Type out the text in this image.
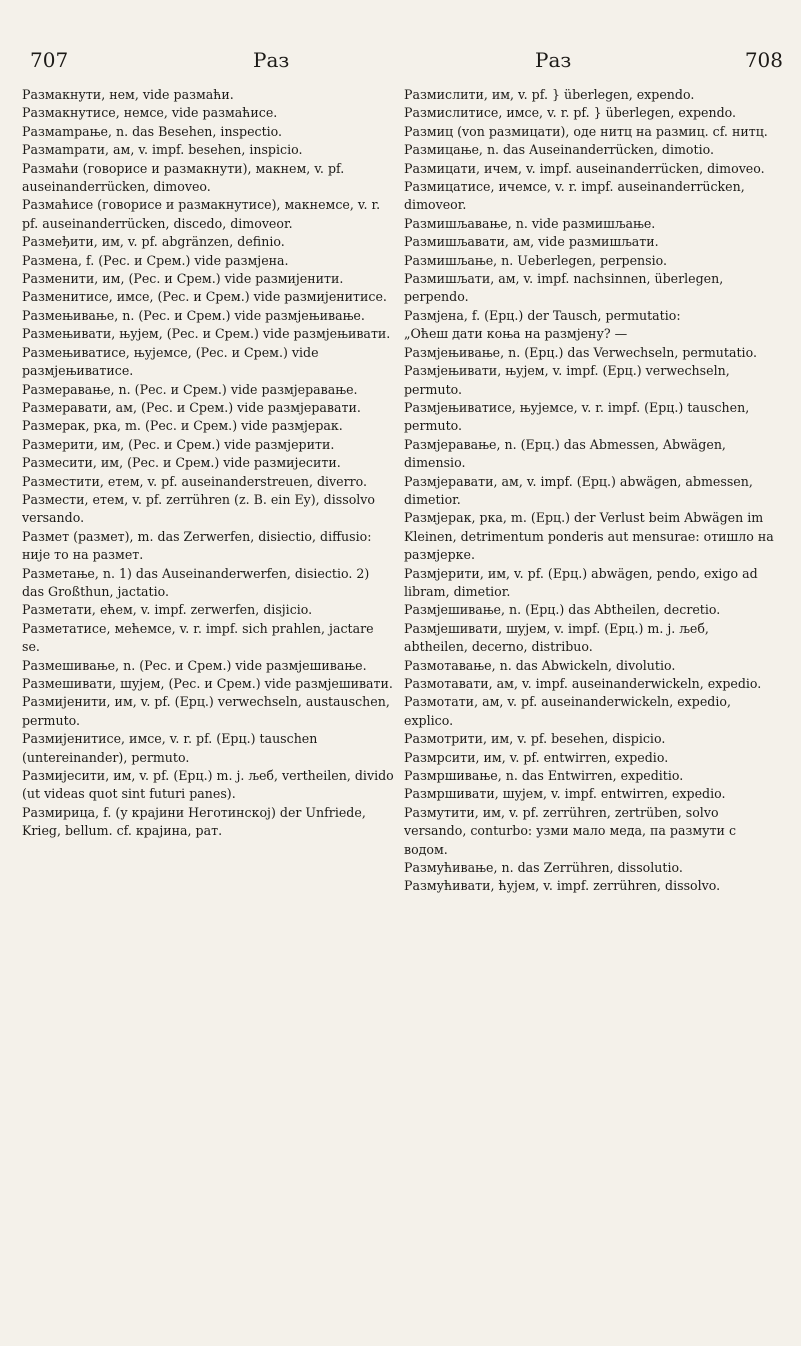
707	Раз	Раз	708

Размакнути, нем, vide размаћи.

Размакнутисе, немсе, vide размаћисе.

Размаmрање, n. das Besehen, inspectio.

Размаmрати, ам, v. impf. besehen, inspicio.

Размаћи (говорисе и размакнути), макнем, v. pf. auseinanderrücken, dimoveo.

Размаћисе (говорисе и размакнутисе), макнемсе, v. r. pf. auseinanderrücken, discedo, dimoveor.

Размеђити, им, v. pf. abgränzen, definio.

Размена, f. (Рес. и Срем.) vide размјена.

Разменити, им, (Рес. и Срем.) vide размијенити.

Разменитисе, имсе, (Рес. и Срем.) vide размијенитисе.

Размењивање, n. (Рес. и Срем.) vide размјењивање.

Размењивати, њујем, (Рес. и Срем.) vide размјењивати.

Размењиватисе, њујемсе, (Рес. и Срем.) vide размјењиватисе.

Размеравање, n. (Рес. и Срем.) vide размјеравање.

Размеравати, ам, (Рес. и Срем.) vide размјеравати.

Размерак, рка, m. (Рес. и Срем.) vide размјерак.

Размерити, им, (Рес. и Срем.) vide размјерити.

Размесити, им, (Рес. и Срем.) vide размијесити.

Разместити, етем, v. pf. auseinanderstreuen, diverro.

Размести, етем, v. pf. zerrühren (z. B. ein Ey), dissolvo versando.

Размет (размет), m. das Zerwerfen, disiectio, diffusio: није то на размет.

Разметање, n. 1) das Auseinanderwerfen, disiectio. 2) das Großthun, jactatio.

Разметати, ећем, v. impf. zerwerfen, disjicio.

Разметатисе, мећемсе, v. r. impf. sich prahlen, jactare se.

Размешивање, n. (Рес. и Срем.) vide размјешивање.

Размешивати, шујем, (Рес. и Срем.) vide размјешивати.

Размијенити, им, v. pf. (Ерц.) verwechseln, austauschen, permuto.

Размијенитисе, имсе, v. r. pf. (Ерц.) tauschen (untereinander), permuto.

Размијесити, им, v. pf. (Ерц.) m. j. љеб, vertheilen, divido (ut videas quot sint futuri panes).

Размирица, f. (у крајини Неготинској) der Unfriede, Krieg, bellum. cf. крајина, рат.

Размислити, им, v. pf. } überlegen, expendo.

Размислитисе, имсе, v. r. pf. } überlegen, expendo.

Размиц (von размицати), оде нитц на размиц. cf. нитц.

Размицање, n. das Auseinanderrücken, dimotio.

Размицати, ичем, v. impf. auseinanderrücken, dimoveo.

Размицатисе, ичемсе, v. r. impf. auseinanderrücken, dimoveor.

Размишљавање, n. vide размишљање.

Размишљавати, ам, vide размишљати.

Размишљање, n. Ueberlegen, perpensio.

Размишљати, ам, v. impf. nachsinnen, überlegen, perpendo.

Размјена, f. (Ерц.) der Tausch, permutatio:

„Оћеш дати коња на размјену? —

Размјењивање, n. (Ерц.) das Verwechseln, permutatio.

Размјењивати, њујем, v. impf. (Ерц.) verwechseln, permuto.

Размјењиватисе, њујемсе, v. r. impf. (Ерц.) tauschen, permuto.

Размјеравање, n. (Ерц.) das Abmessen, Abwägen, dimensio.

Размјеравати, ам, v. impf. (Ерц.) abwägen, abmessen, dimetior.

Размјерак, рка, m. (Ерц.) der Verlust beim Abwägen im Kleinen, detrimentum ponderis aut mensurae: отишло на размјерке.

Размјерити, им, v. pf. (Ерц.) abwägen, pendo, exigo ad libram, dimetior.

Размјешивање, n. (Ерц.) das Abtheilen, decretio.

Размјешивати, шујем, v. impf. (Ерц.) m. j. љеб, abtheilen, decerno, distribuo.

Размотавање, n. das Abwickeln, divolutio.

Размотавати, ам, v. impf. auseinanderwickeln, expedio.

Размотати, ам, v. pf. auseinanderwickeln, expedio, explico.

Размотрити, им, v. pf. besehen, dispicio.

Размрсити, им, v. pf. entwirren, expedio.

Размршивање, n. das Entwirren, expeditio.

Размршивати, шујем, v. impf. entwirren, expedio.

Размутити, им, v. pf. zerrühren, zertrüben, solvo versando, conturbo: узми мало меда, па размути с водом.

Размућивање, n. das Zerrühren, dissolutio.

Размућивати, ћујем, v. impf. zerrühren, dissolvo.
